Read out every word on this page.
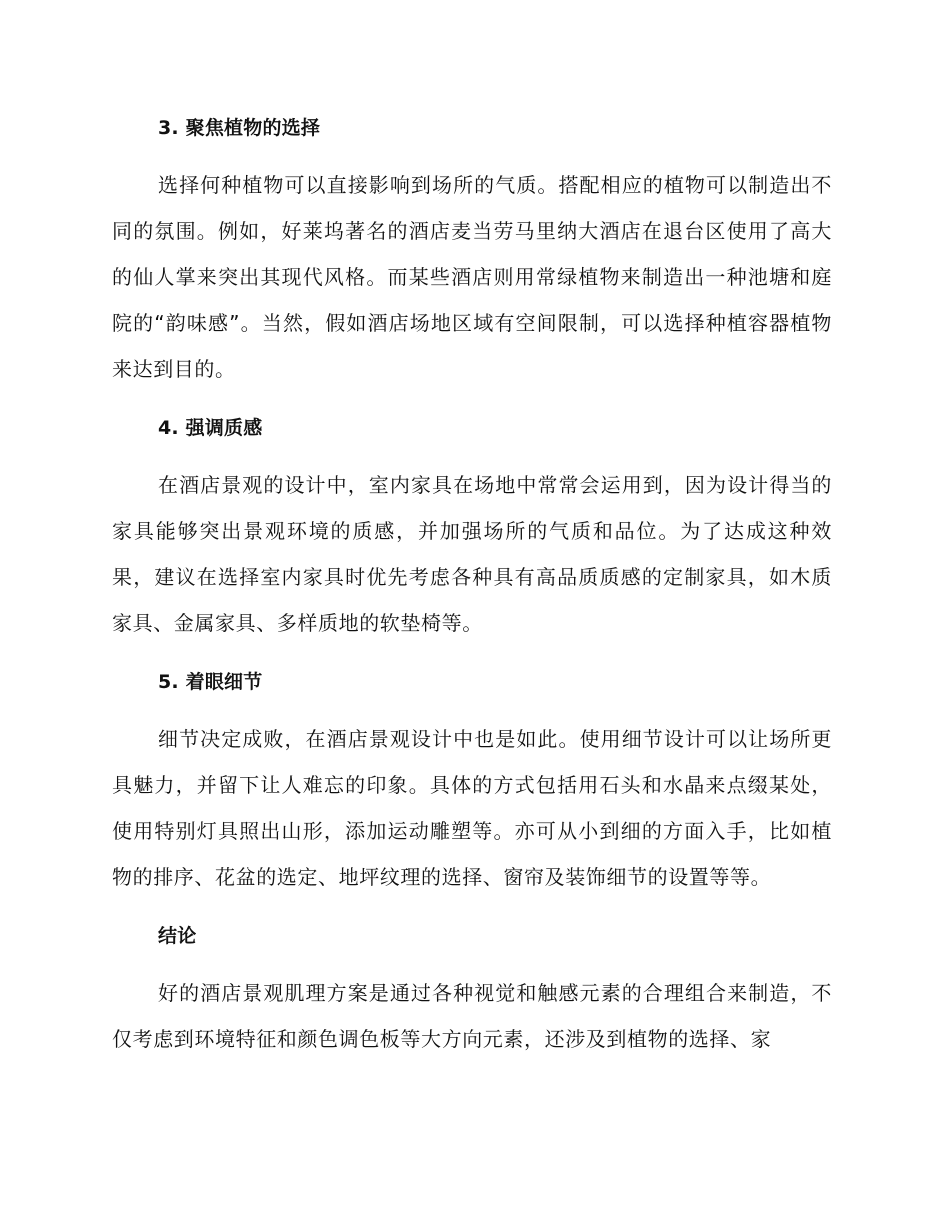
3. 聚焦植物的选择

选择何种植物可以直接影响到场所的气质。搭配相应的植物可以制造出不同的氛围。例如，好莱坞著名的酒店麦当劳马里纳大酒店在退台区使用了高大的仙人掌来突出其现代风格。而某些酒店则用常绿植物来制造出一种池塘和庭院的“韵味感”。当然，假如酒店场地区域有空间限制，可以选择种植容器植物来达到目的。

4. 强调质感

在酒店景观的设计中，室内家具在场地中常常会运用到，因为设计得当的家具能够突出景观环境的质感，并加强场所的气质和品位。为了达成这种效果，建议在选择室内家具时优先考虑各种具有高品质质感的定制家具，如木质家具、金属家具、多样质地的软垫椅等。

5. 着眼细节

细节决定成败，在酒店景观设计中也是如此。使用细节设计可以让场所更具魅力，并留下让人难忘的印象。具体的方式包括用石头和水晶来点缀某处，使用特别灯具照出山形，添加运动雕塑等。亦可从小到细的方面入手，比如植物的排序、花盆的选定、地坪纹理的选择、窗帘及装饰细节的设置等等。

结论

好的酒店景观肌理方案是通过各种视觉和触感元素的合理组合来制造，不仅考虑到环境特征和颜色调色板等大方向元素，还涉及到植物的选择、家
